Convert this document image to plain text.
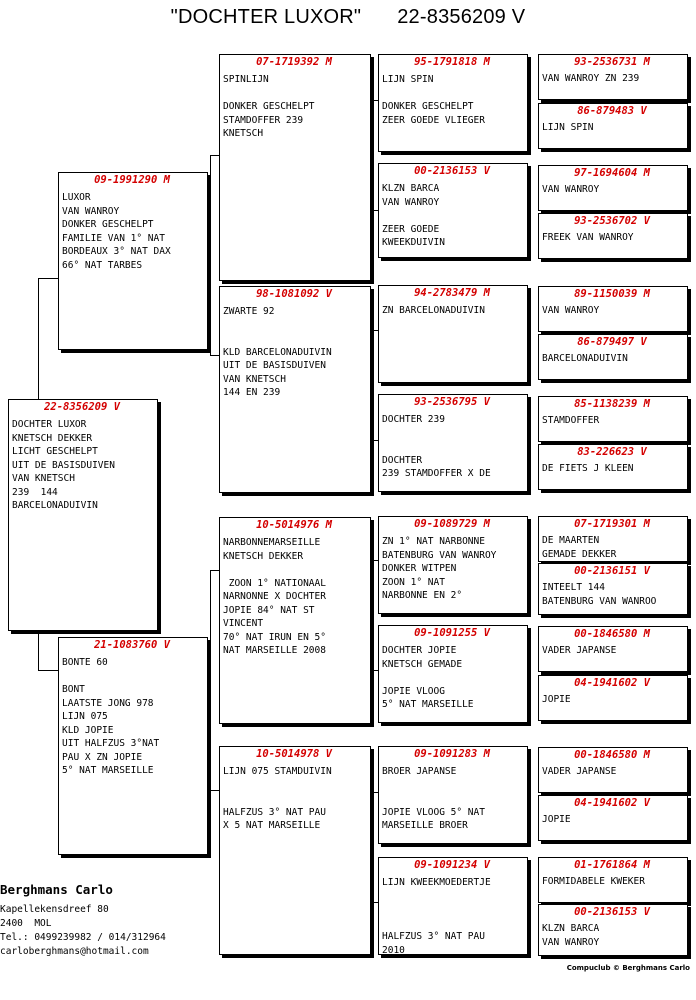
"DOCHTER LUXOR" 22-8356209 V
22-8356209 V
DOCHTER LUXOR
KNETSCH DEKKER
LICHT GESCHELPT
UIT DE BASISDUIVEN
VAN KNETSCH
239  144
BARCELONADUIVIN
09-1991290 M
LUXOR
VAN WANROY
DONKER GESCHELPT
FAMILIE VAN 1° NAT
BORDEAUX 3° NAT DAX
66° NAT TARBES
21-1083760 V
BONTE 60

BONT
LAATSTE JONG 978
LIJN 075
KLD JOPIE
UIT HALFZUS 3°NAT
PAU X ZN JOPIE
5° NAT MARSEILLE
07-1719392 M
SPINLIJN

DONKER GESCHELPT
STAMDOFFER 239
KNETSCH
98-1081092 V
ZWARTE 92

KLD BARCELONADUIVIN
UIT DE BASISDUIVEN
VAN KNETSCH
144 EN 239
10-5014976 M
NARBONNEMARSEILLE
KNETSCH DEKKER

ZOON 1° NATIONAAL
NARNONNE X DOCHTER
JOPIE 84° NAT ST
VINCENT
70° NAT IRUN EN 5°
NAT MARSEILLE 2008
10-5014978 V
LIJN 075 STAMDUIVIN

HALFZUS 3° NAT PAU
X 5 NAT MARSEILLE
95-1791818 M
LIJN SPIN

DONKER GESCHELPT
ZEER GOEDE VLIEGER
00-2136153 V
KLZN BARCA
VAN WANROY

ZEER GOEDE
KWEEKDUIVIN
94-2783479 M
ZN BARCELONADUIVIN
93-2536795 V
DOCHTER 239

DOCHTER
239 STAMDOFFER X DE
09-1089729 M
ZN 1° NAT NARBONNE
BATENBURG VAN WANROY
DONKER WITPEN
ZOON 1° NAT
NARBONNE EN 2°
09-1091255 V
DOCHTER JOPIE
KNETSCH GEMADE

JOPIE VLOOG
5° NAT MARSEILLE
09-1091283 M
BROER JAPANSE

JOPIE VLOOG 5° NAT
MARSEILLE BROER
09-1091234 V
LIJN KWEEKMOEDERTJE

HALFZUS 3° NAT PAU
2010
93-2536731 M
VAN WANROY ZN 239
86-879483 V
LIJN SPIN
97-1694604 M
VAN WANROY
93-2536702 V
FREEK VAN WANROY
89-1150039 M
VAN WANROY
86-879497 V
BARCELONADUIVIN
85-1138239 M
STAMDOFFER
83-226623 V
DE FIETS J KLEEN
07-1719301 M
DE MAARTEN
GEMADE DEKKER
00-2136151 V
INTEELT 144
BATENBURG VAN WANROO
00-1846580 M
VADER JAPANSE
04-1941602 V
JOPIE
00-1846580 M
VADER JAPANSE
04-1941602 V
JOPIE
01-1761864 M
FORMIDABELE KWEKER
00-2136153 V
KLZN BARCA
VAN WANROY
Berghmans Carlo
Kapellekensdreef 80
2400  MOL
Tel.: 0499239982 / 014/312964
carloberghmans@hotmail.com
Compuclub © Berghmans Carlo
